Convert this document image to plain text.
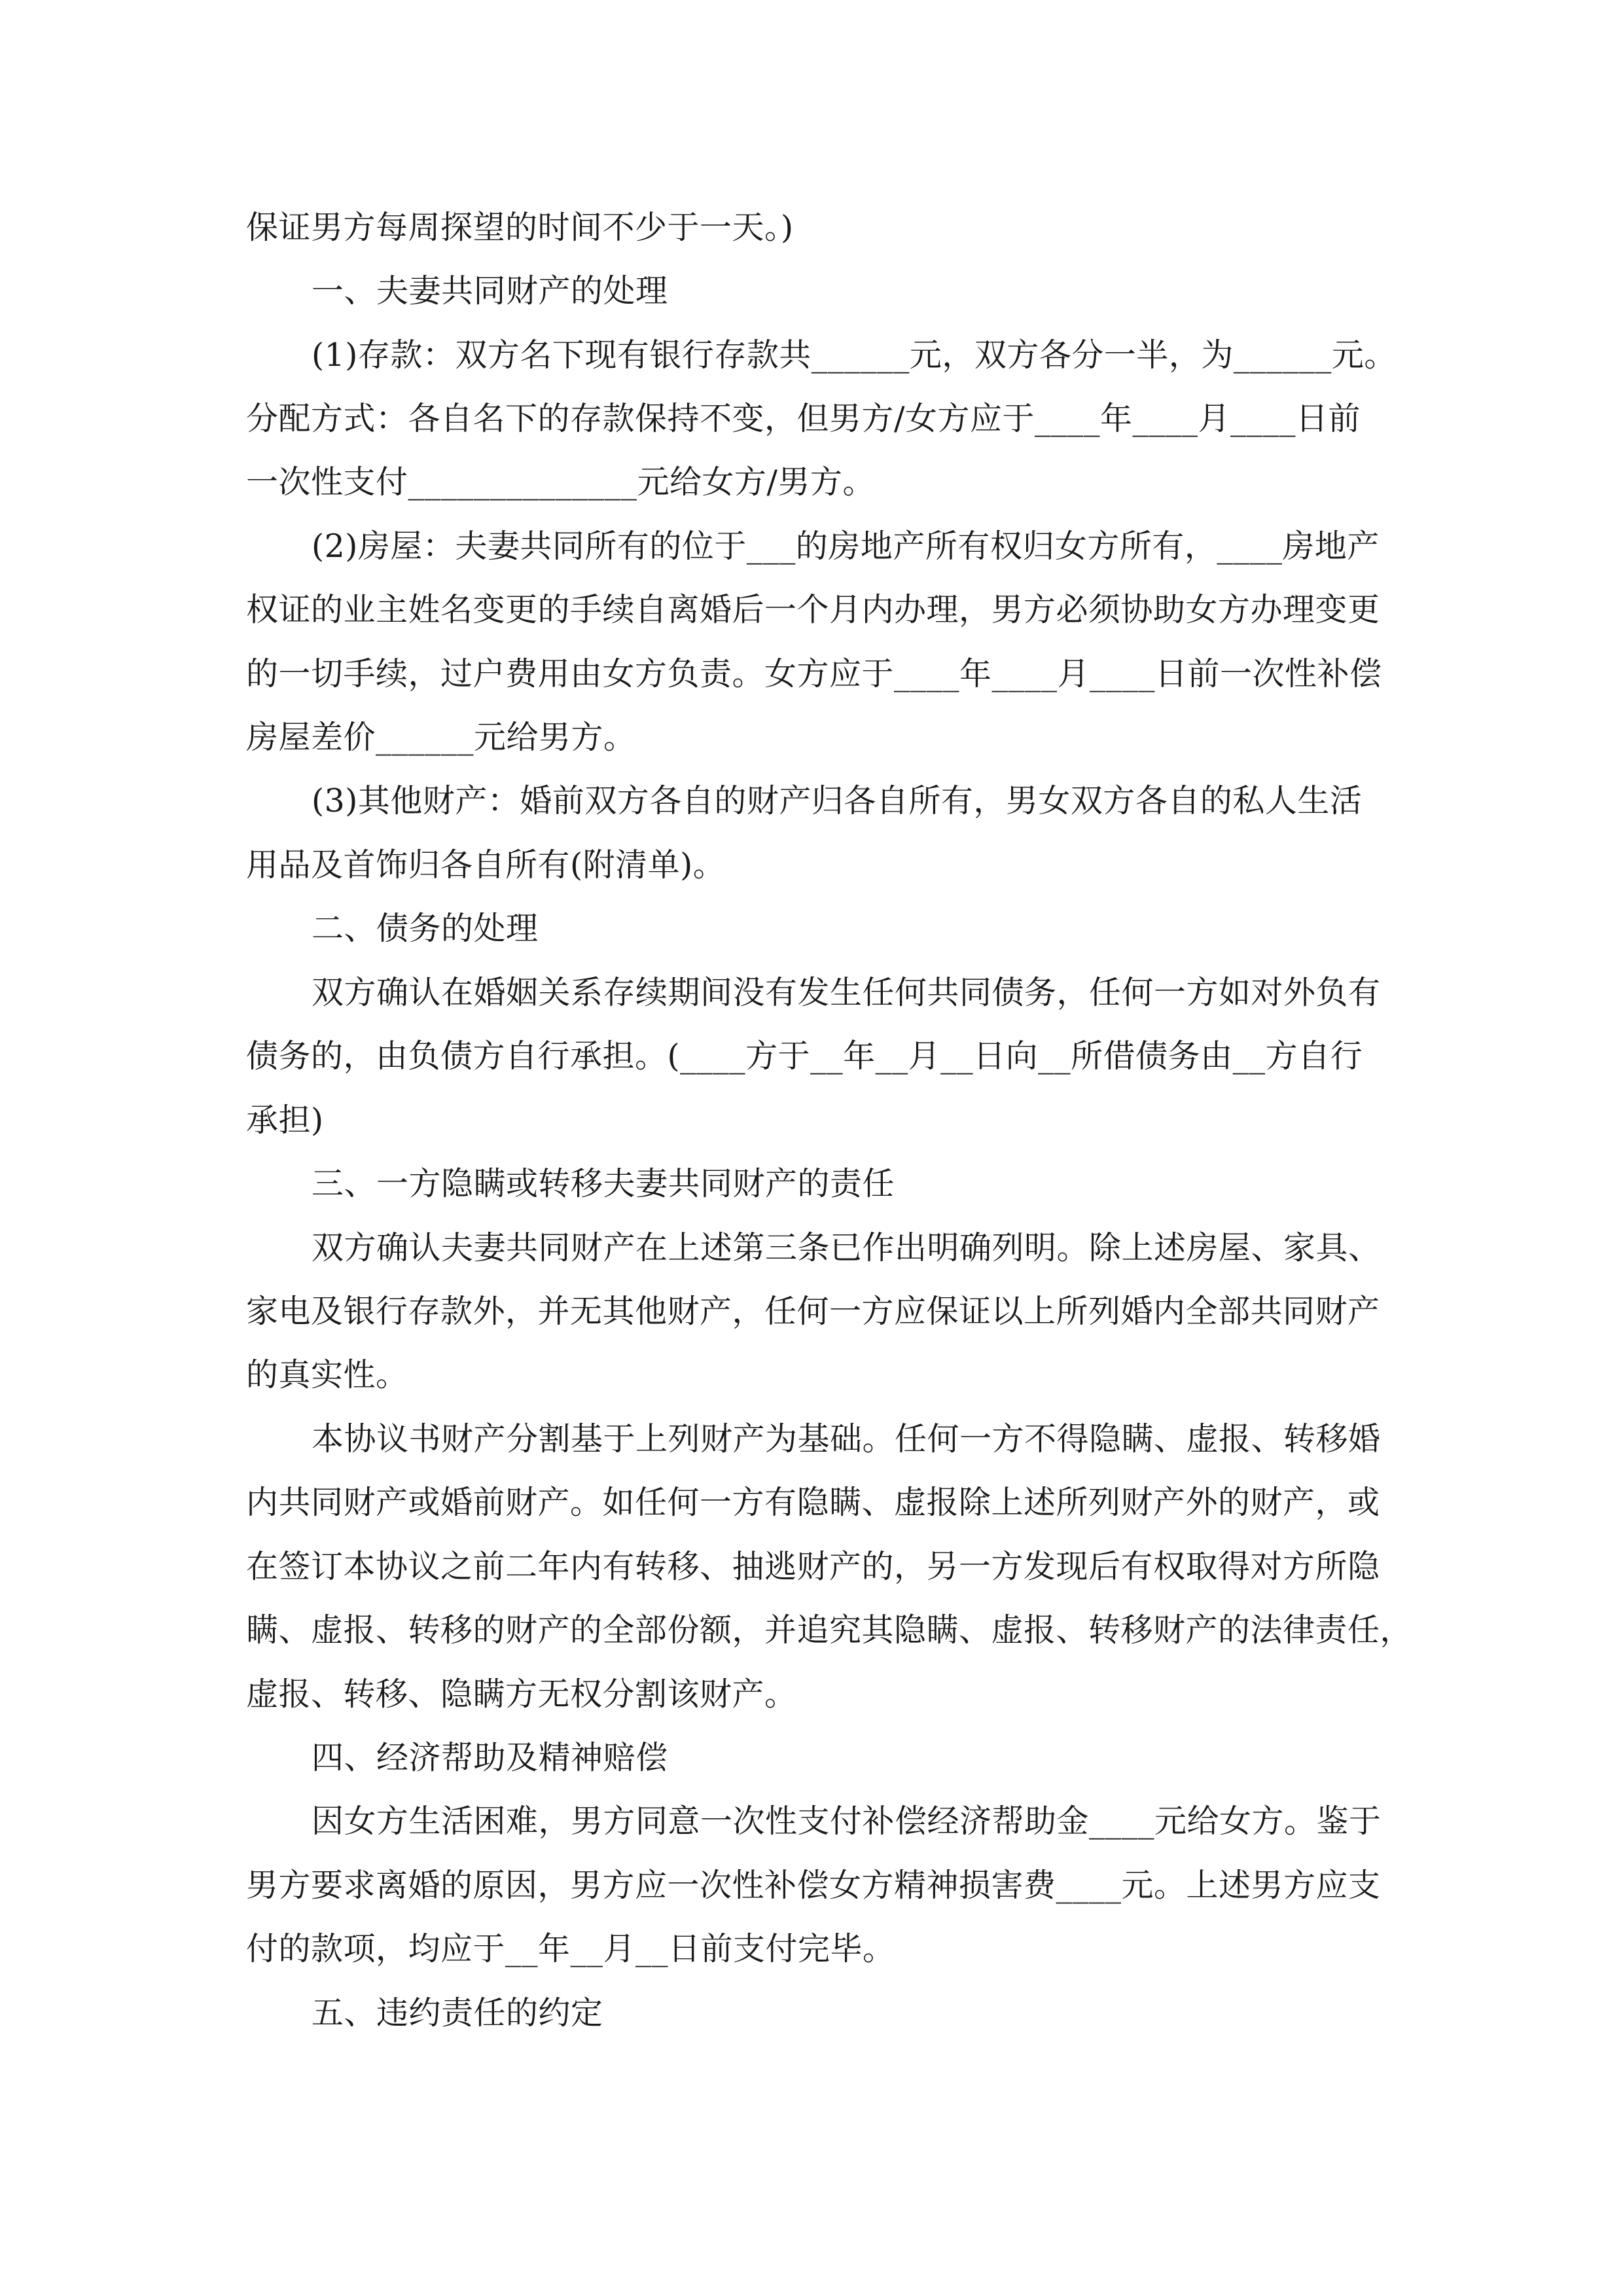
保证男方每周探望的时间不少于一天。)
一、夫妻共同财产的处理
(1)存款：双方名下现有银行存款共______元，双方各分一半，为______元。
分配方式：各自名下的存款保持不变，但男方/女方应于____年____月____日前
一次性支付______________元给女方/男方。
(2)房屋：夫妻共同所有的位于___的房地产所有权归女方所有，____房地产
权证的业主姓名变更的手续自离婚后一个月内办理，男方必须协助女方办理变更
的一切手续，过户费用由女方负责。女方应于____年____月____日前一次性补偿
房屋差价______元给男方。
(3)其他财产：婚前双方各自的财产归各自所有，男女双方各自的私人生活
用品及首饰归各自所有(附清单)。
二、债务的处理
双方确认在婚姻关系存续期间没有发生任何共同债务，任何一方如对外负有
债务的，由负债方自行承担。(____方于__年__月__日向__所借债务由__方自行
承担)
三、一方隐瞒或转移夫妻共同财产的责任
双方确认夫妻共同财产在上述第三条已作出明确列明。除上述房屋、家具、
家电及银行存款外，并无其他财产，任何一方应保证以上所列婚内全部共同财产
的真实性。
本协议书财产分割基于上列财产为基础。任何一方不得隐瞒、虚报、转移婚
内共同财产或婚前财产。如任何一方有隐瞒、虚报除上述所列财产外的财产，或
在签订本协议之前二年内有转移、抽逃财产的，另一方发现后有权取得对方所隐
瞒、虚报、转移的财产的全部份额，并追究其隐瞒、虚报、转移财产的法律责任，
虚报、转移、隐瞒方无权分割该财产。
四、经济帮助及精神赔偿
因女方生活困难，男方同意一次性支付补偿经济帮助金____元给女方。鉴于
男方要求离婚的原因，男方应一次性补偿女方精神损害费____元。上述男方应支
付的款项，均应于__年__月__日前支付完毕。
五、违约责任的约定
